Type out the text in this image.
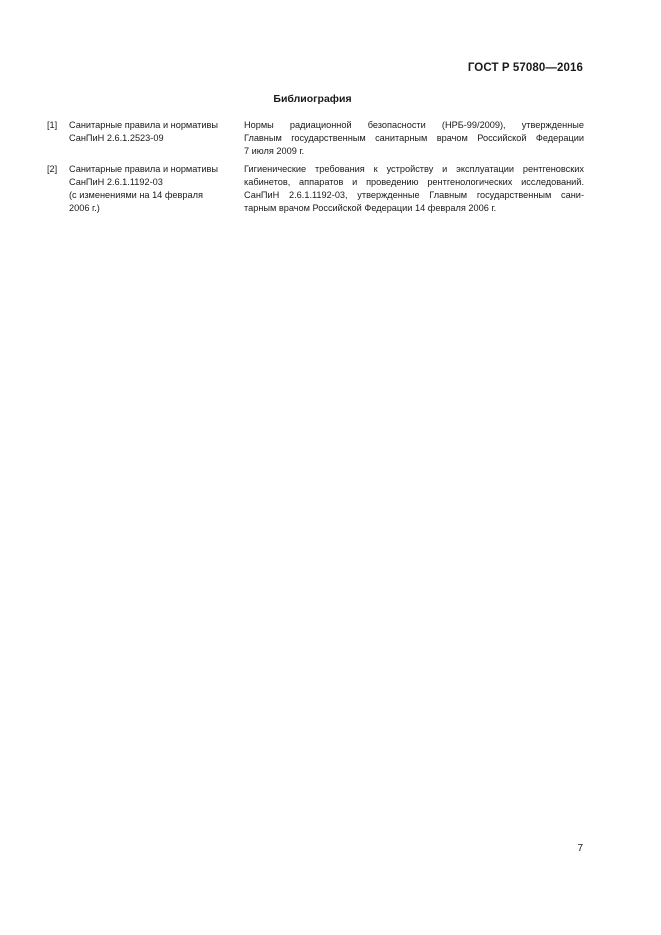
ГОСТ Р 57080—2016
Библиография
[1]	Санитарные правила и нормативы
СанПиН 2.6.1.2523-09
Нормы радиационной безопасности (НРБ-99/2009), утвержденные
Главным государственным санитарным врачом Российской Федерации
7 июля 2009 г.
[2]	Санитарные правила и нормативы
СанПиН 2.6.1.1192-03
(с изменениями на 14 февраля
2006 г.)
Гигиенические требования к устройству и эксплуатации рентгеновских
кабинетов, аппаратов и проведению рентгенологических исследований.
СанПиН 2.6.1.1192-03, утвержденные Главным государственным сани-
тарным врачом Российской Федерации 14 февраля 2006 г.
7
